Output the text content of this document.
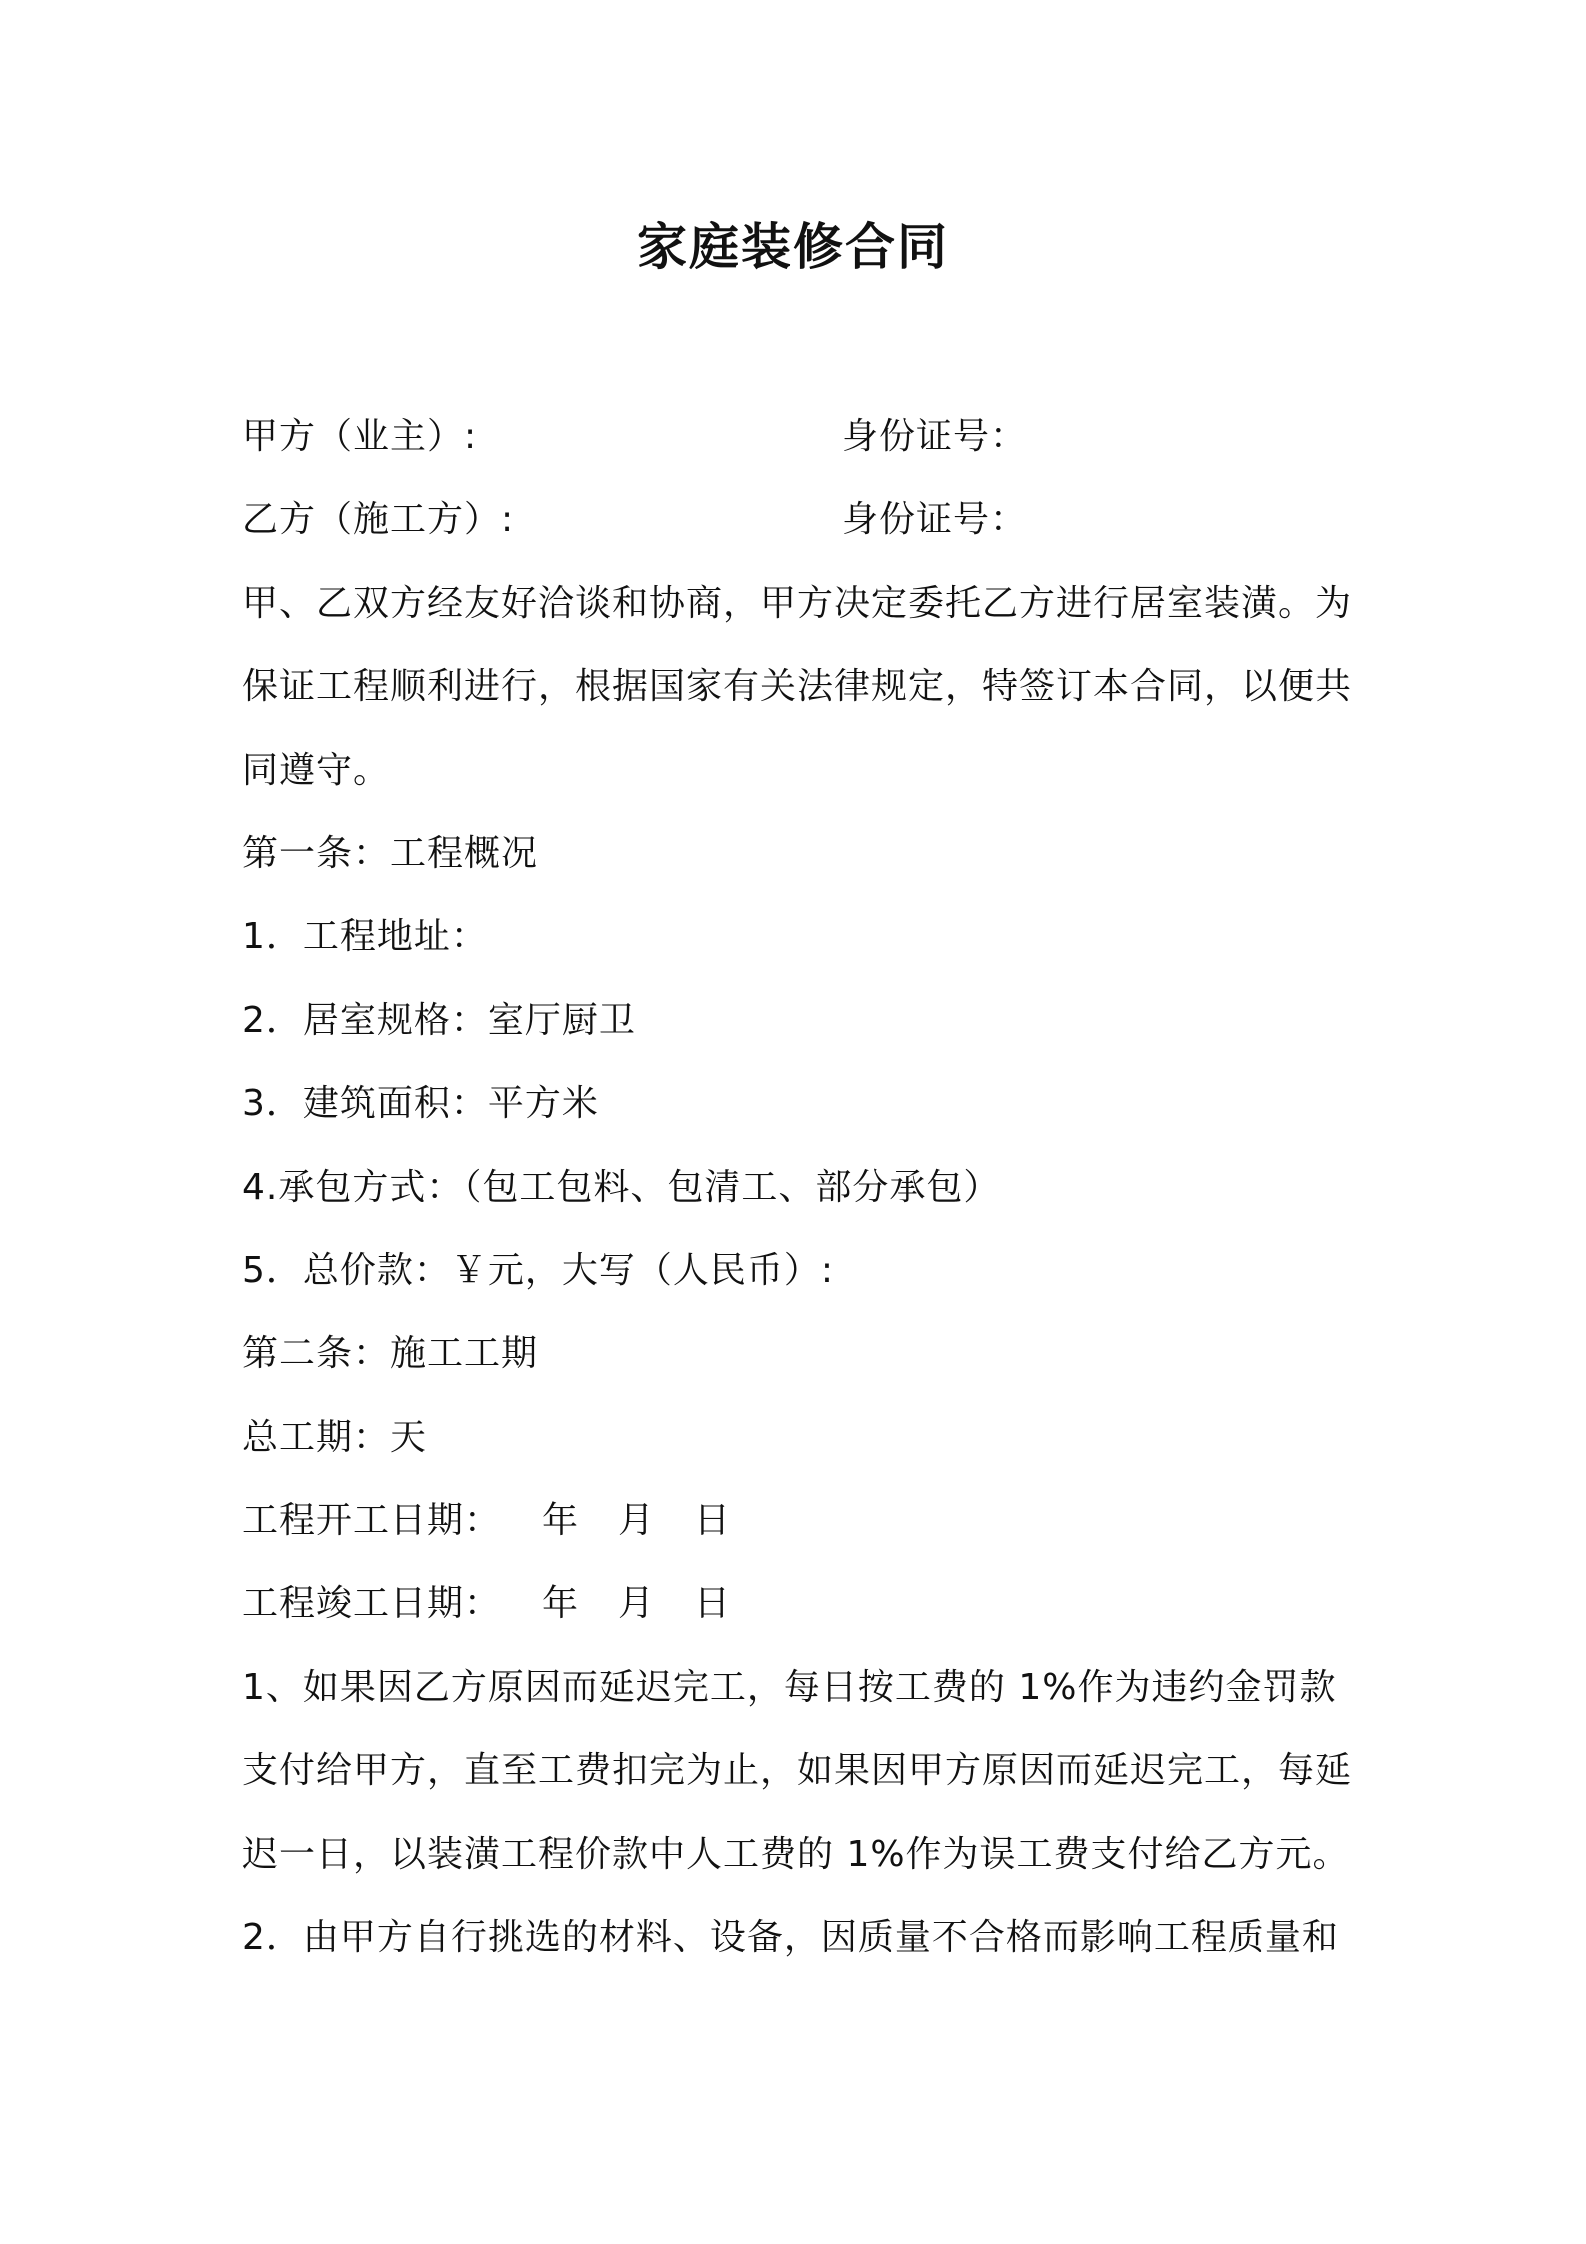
家庭装修合同
甲方（业主）:	身份证号：
乙方（施工方）:	身份证号：
甲、乙双方经友好洽谈和协商，甲方决定委托乙方进行居室装潢。为
保证工程顺利进行，根据国家有关法律规定，特签订本合同，以便共
同遵守。
第一条：工程概况
1．工程地址：
2．居室规格：室厅厨卫
3．建筑面积：平方米
4.承包方式：（包工包料、包清工、部分承包）
5．总价款：￥元，大写（人民币）:
第二条：施工工期
总工期：天
工程开工日期： 年 月 日
工程竣工日期： 年 月 日
1、如果因乙方原因而延迟完工，每日按工费的 1%作为违约金罚款
支付给甲方，直至工费扣完为止，如果因甲方原因而延迟完工，每延
迟一日，以装潢工程价款中人工费的 1%作为误工费支付给乙方元。
2．由甲方自行挑选的材料、设备，因质量不合格而影响工程质量和
